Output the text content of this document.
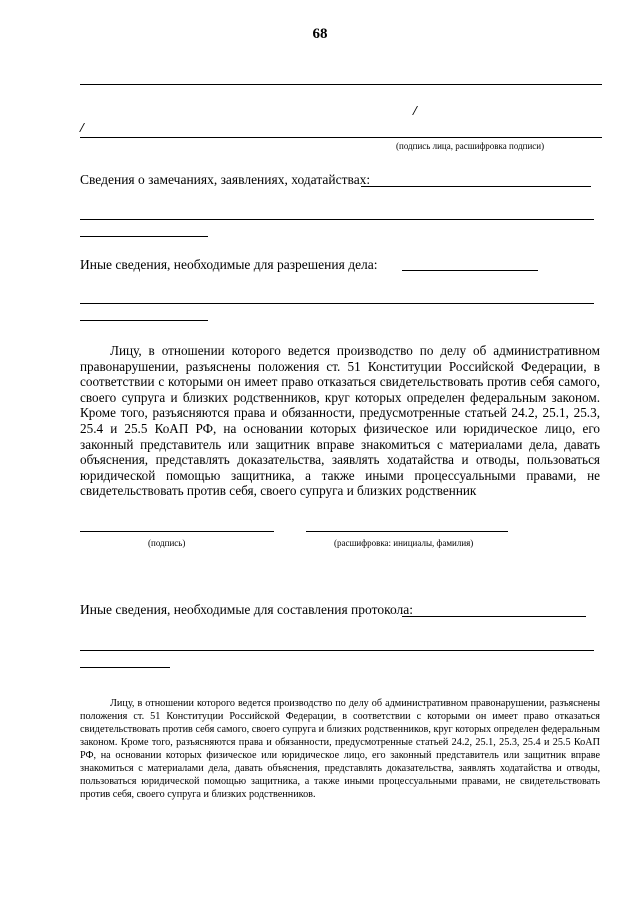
68
/
/
(подпись лица, расшифровка подписи)
Сведения о замечаниях, заявлениях, ходатайствах:
Иные сведения, необходимые для разрешения дела:

Лицу, в отношении которого ведется производство по делу об административном правонарушении, разъяснены положения ст. 51 Конституции Российской Федерации, в соответствии с которыми он имеет право отказаться свидетельствовать против себя самого, своего супруга и близких родственников, круг которых определен федеральным законом. Кроме того, разъясняются права и обязанности, предусмотренные статьей 24.2, 25.1, 25.3, 25.4 и 25.5 КоАП РФ, на основании которых физическое или юридическое лицо, его законный представитель или защитник вправе знакомиться с материалами дела, давать объяснения, представлять доказательства, заявлять ходатайства и отводы, пользоваться юридической помощью защитника, а также иными процессуальными правами, не свидетельствовать против себя, своего супруга и близких родственник

(подпись)	(расшифровка: инициалы, фамилия)
Иные сведения, необходимые для составления протокола:

Лицу, в отношении которого ведется производство по делу об административном правонарушении, разъяснены положения ст. 51 Конституции Российской Федерации, в соответствии с которыми он имеет право отказаться свидетельствовать против себя самого, своего супруга и близких родственников, круг которых определен федеральным законом. Кроме того, разъясняются права и обязанности, предусмотренные статьей 24.2, 25.1, 25.3, 25.4 и 25.5 КоАП РФ, на основании которых физическое или юридическое лицо, его законный представитель или защитник вправе знакомиться с материалами дела, давать объяснения, представлять доказательства, заявлять ходатайства и отводы, пользоваться юридической помощью защитника, а также иными процессуальными правами, не свидетельствовать против себя, своего супруга и близких родственников.
